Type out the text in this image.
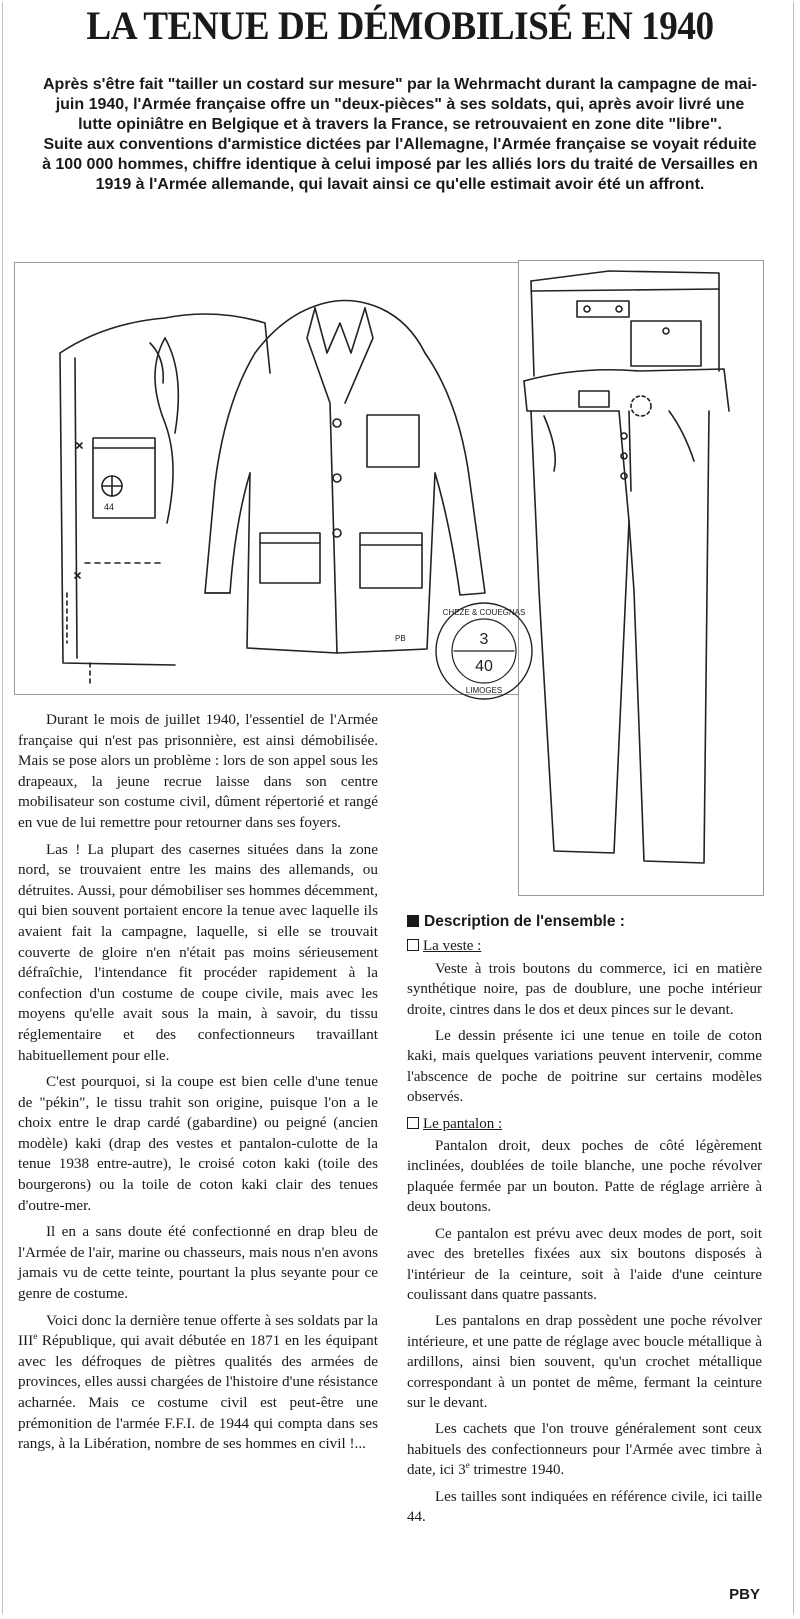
LA TENUE DE DÉMOBILISÉ EN 1940

Après s'être fait "tailler un costard sur mesure" par la Wehrmacht durant la campagne de mai-juin 1940, l'Armée française offre un "deux-pièces" à ses soldats, qui, après avoir livré une lutte opiniâtre en Belgique et à travers la France, se retrouvaient en zone dite "libre".

Suite aux conventions d'armistice dictées par l'Allemagne, l'Armée française se voyait réduite à 100 000 hommes, chiffre identique à celui imposé par les alliés lors du traité de Versailles en 1919 à l'Armée allemande, qui lavait ainsi ce qu'elle estimait avoir été un affront.

44
PB	3
40
CHEZE & COUEGNAS
LIMOGES

Durant le mois de juillet 1940, l'essentiel de l'Armée française qui n'est pas prisonnière, est ainsi démobilisée. Mais se pose alors un problème : lors de son appel sous les drapeaux, la jeune recrue laisse dans son centre mobilisateur son costume civil, dûment répertorié et rangé en vue de lui remettre pour retourner dans ses foyers.

Las ! La plupart des casernes situées dans la zone nord, se trouvaient entre les mains des allemands, ou détruites. Aussi, pour démobiliser ses hommes décemment, qui bien souvent portaient encore la tenue avec laquelle ils avaient fait la campagne, laquelle, si elle se trouvait couverte de gloire n'en n'était pas moins sérieusement défraîchie, l'intendance fit procéder rapidement à la confection d'un costume de coupe civile, mais avec les moyens qu'elle avait sous la main, à savoir, du tissu réglementaire et des confectionneurs travaillant habituellement pour elle.

C'est pourquoi, si la coupe est bien celle d'une tenue de "pékin", le tissu trahit son origine, puisque l'on a le choix entre le drap cardé (gabardine) ou peigné (ancien modèle) kaki (drap des vestes et pantalon-culotte de la tenue 1938 entre-autre), le croisé coton kaki (toile des bourgerons) ou la toile de coton kaki clair des tenues d'outre-mer.

Il en a sans doute été confectionné en drap bleu de l'Armée de l'air, marine ou chasseurs, mais nous n'en avons jamais vu de cette teinte, pourtant la plus seyante pour ce genre de costume.

Voici donc la dernière tenue offerte à ses soldats par la IIIe République, qui avait débutée en 1871 en les équipant avec les défroques de piètres qualités des armées de provinces, elles aussi chargées de l'histoire d'une résistance acharnée. Mais ce costume civil est peut-être une prémonition de l'armée F.F.I. de 1944 qui compta dans ses rangs, à la Libération, nombre de ses hommes en civil !...

Description de l'ensemble :
La veste :

Veste à trois boutons du commerce, ici en matière synthétique noire, pas de doublure, une poche intérieur droite, cintres dans le dos et deux pinces sur le devant.

Le dessin présente ici une tenue en toile de coton kaki, mais quelques variations peuvent intervenir, comme l'abscence de poche de poitrine sur certains modèles observés.

Le pantalon :

Pantalon droit, deux poches de côté légèrement inclinées, doublées de toile blanche, une poche révolver plaquée fermée par un bouton. Patte de réglage arrière à deux boutons.

Ce pantalon est prévu avec deux modes de port, soit avec des bretelles fixées aux six boutons disposés à l'intérieur de la ceinture, soit à l'aide d'une ceinture coulissant dans quatre passants.

Les pantalons en drap possèdent une poche révolver intérieure, et une patte de réglage avec boucle métallique à ardillons, ainsi bien souvent, qu'un crochet métallique correspondant à un pontet de même, fermant la ceinture sur le devant.

Les cachets que l'on trouve généralement sont ceux habituels des confectionneurs pour l'Armée avec timbre à date, ici 3e trimestre 1940.

Les tailles sont indiquées en référence civile, ici taille 44.

PBY
